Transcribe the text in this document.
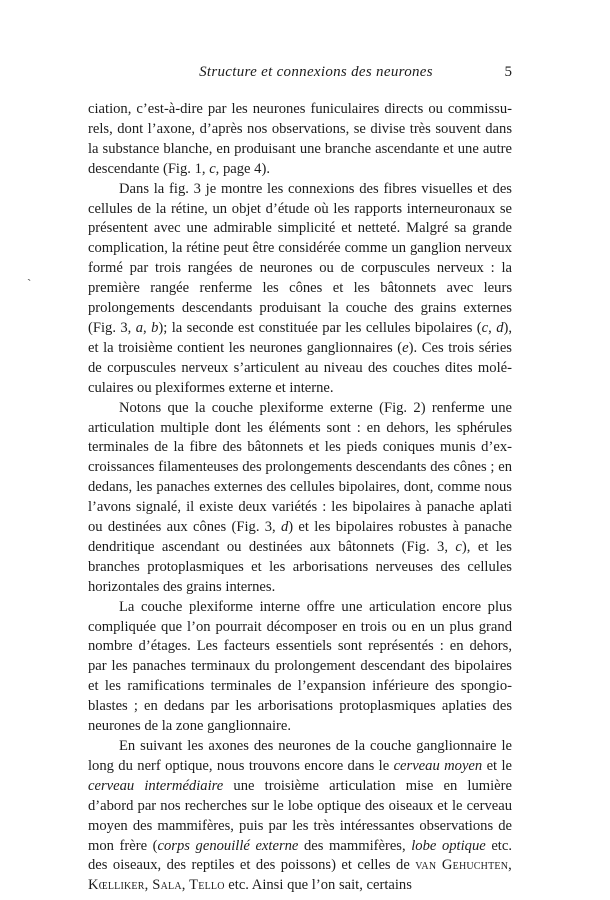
Structure et connexions des neurones	5
`

ciation, c’est-à-dire par les neurones funiculaires directs ou commissurels, dont l’axone, d’après nos observations, se divise très souvent dans la substance blanche, en produisant une branche ascendante et une autre descendante (Fig. 1, c, page 4).

Dans la fig. 3 je montre les connexions des fibres visuelles et des cellules de la rétine, un objet d’étude où les rapports interneuronaux se présentent avec une admirable simplicité et netteté. Malgré sa grande complication, la rétine peut être considérée comme un ganglion nerveux formé par trois rangées de neurones ou de corpuscules nerveux : la première rangée renferme les cônes et les bâtonnets avec leurs prolongements descendants produisant la couche des grains externes (Fig. 3, a, b); la seconde est constituée par les cellules bipolaires (c, d), et la troisième contient les neurones ganglionnaires (e). Ces trois séries de corpuscules nerveux s’articulent au niveau des couches dites moléculaires ou plexiformes externe et interne.

Notons que la couche plexiforme externe (Fig. 2) renferme une articulation multiple dont les éléments sont : en dehors, les sphérules terminales de la fibre des bâtonnets et les pieds coniques munis d’excroissances filamenteuses des prolongements descendants des cônes ; en dedans, les panaches externes des cellules bipolaires, dont, comme nous l’avons signalé, il existe deux variétés : les bipolaires à panache aplati ou destinées aux cônes (Fig. 3, d) et les bipolaires robustes à panache dendritique ascendant ou destinées aux bâtonnets (Fig. 3, c), et les branches protoplasmiques et les arborisations nerveuses des cellules horizontales des grains internes.

La couche plexiforme interne offre une articulation encore plus compliquée que l’on pourrait décomposer en trois ou en un plus grand nombre d’étages. Les facteurs essentiels sont représentés : en dehors, par les panaches terminaux du prolongement descendant des bipolaires et les ramifications terminales de l’expansion inférieure des spongioblastes ; en dedans par les arborisations protoplasmiques aplaties des neurones de la zone ganglionnaire.

En suivant les axones des neurones de la couche ganglionnaire le long du nerf optique, nous trouvons encore dans le cerveau moyen et le cerveau intermédiaire une troisième articulation mise en lumière d’abord par nos recherches sur le lobe optique des oiseaux et le cerveau moyen des mammifères, puis par les très intéressantes observations de mon frère (corps genouillé externe des mammifères, lobe optique etc. des oiseaux, des reptiles et des poissons) et celles de van Gehuchten, Kœlliker, Sala, Tello etc. Ainsi que l’on sait, certains
